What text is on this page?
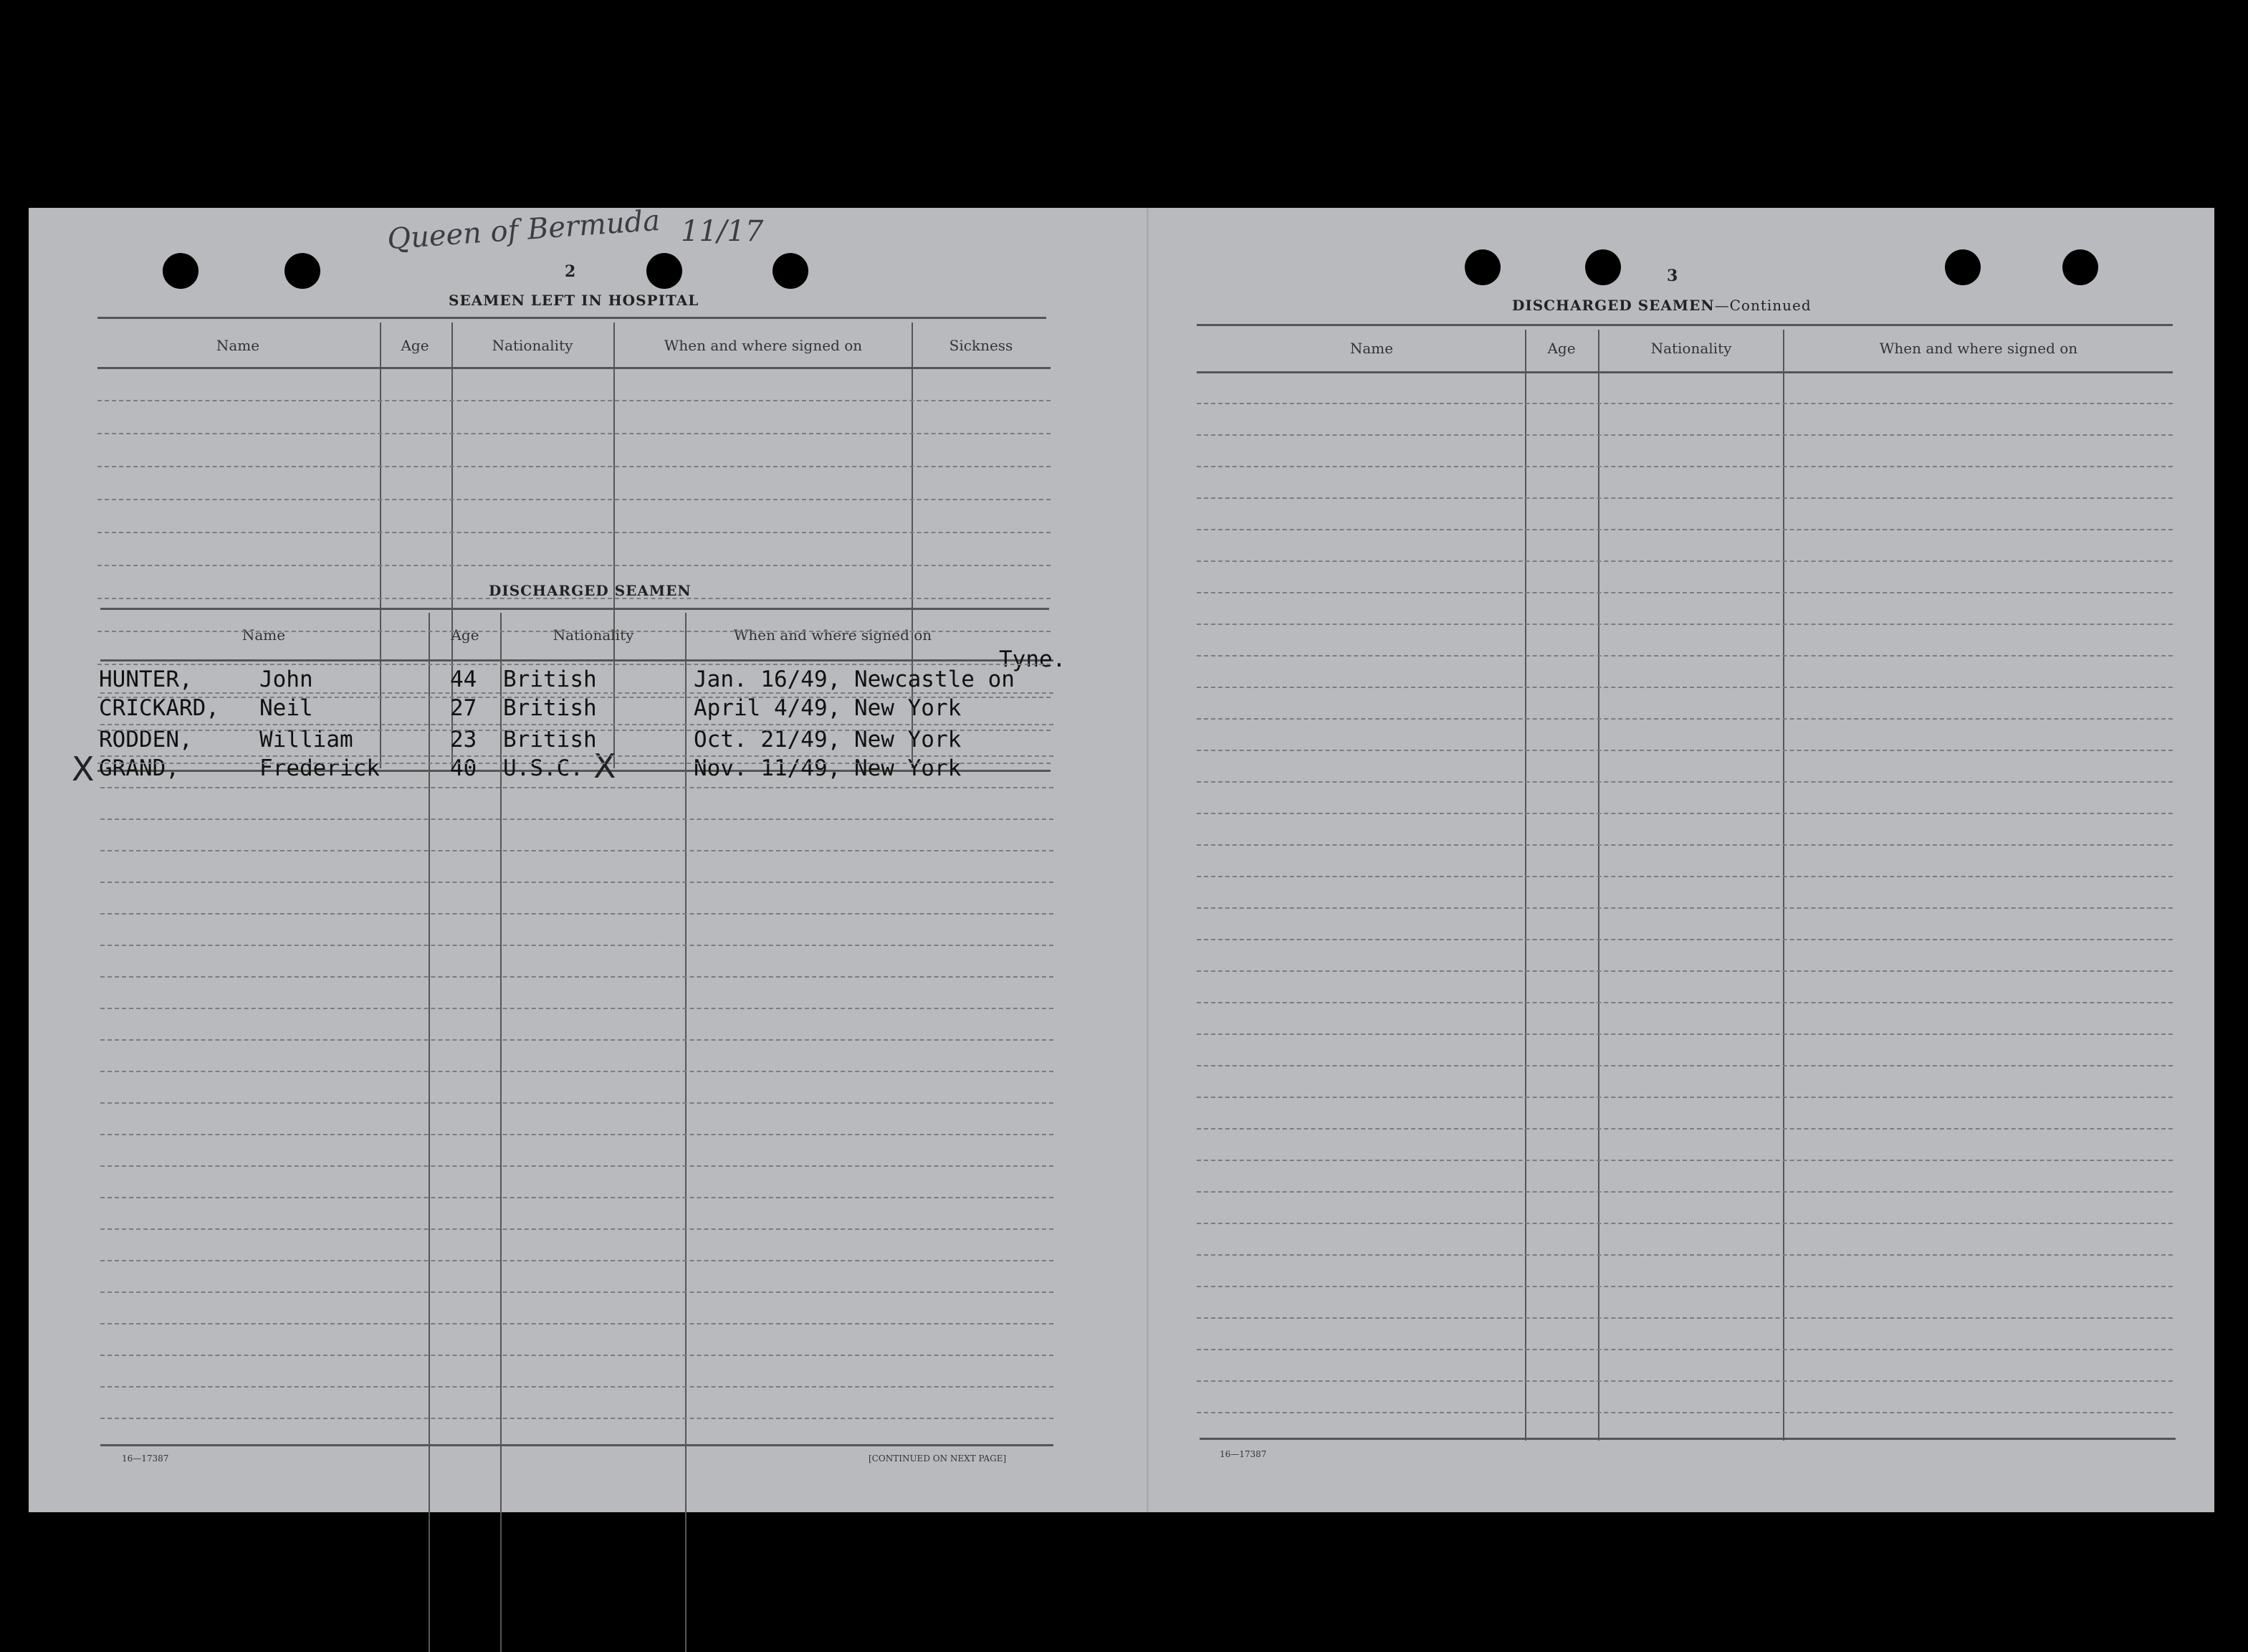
Queen of Bermuda 11/17
2
SEAMEN LEFT IN HOSPITAL
Name	Age	Nationality	When and where signed on	Sickness
DISCHARGED SEAMEN
Name	Age	Nationality	When and where signed on
HUNTER,	John	44 British	Jan. 16/49, Newcastle on
Tyne.
CRICKARD, Neil	27 British	April 4/49, New York
RODDEN,	William	23 British	Oct. 21/49, New York
GRAND,	Frederick	40 U.S.C.	Nov. 11/49, New York
X	X
16—17387	[CONTINUED ON NEXT PAGE]
3
DISCHARGED SEAMEN—Continued
Name	Age	Nationality	When and where signed on
16—17387
